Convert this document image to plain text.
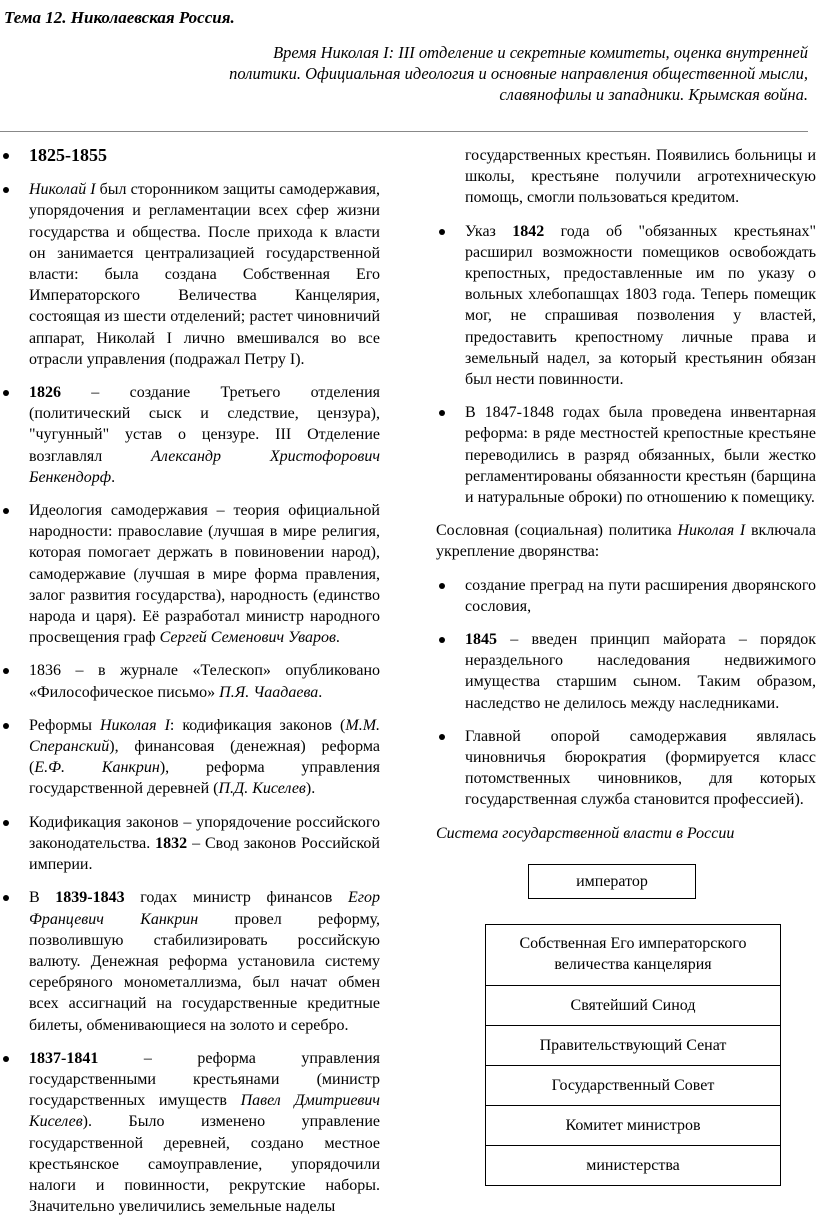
Тема 12. Николаевская Россия.
Время Николая I: III отделение и секретные комитеты, оценка внутренней политики. Официальная идеология и основные направления общественной мысли, славянофилы и западники. Крымская война.
1825-1855
Николай I был сторонником защиты самодержавия, упорядочения и регламентации всех сфер жизни государства и общества. После прихода к власти он занимается централизацией государственной власти: была создана Собственная Его Императорского Величества Канцелярия, состоящая из шести отделений; растет чиновничий аппарат, Николай I лично вмешивался во все отрасли управления (подражал Петру I).
1826 – создание Третьего отделения (политический сыск и следствие, цензура), "чугунный" устав о цензуре. III Отделение возглавлял Александр Христофорович Бенкендорф.
Идеология самодержавия – теория официальной народности: православие (лучшая в мире религия, которая помогает держать в повиновении народ), самодержавие (лучшая в мире форма правления, залог развития государства), народность (единство народа и царя). Её разработал министр народного просвещения граф Сергей Семенович Уваров.
1836 – в журнале «Телескоп» опубликовано «Философическое письмо» П.Я. Чаадаева.
Реформы Николая I: кодификация законов (М.М. Сперанский), финансовая (денежная) реформа (Е.Ф. Канкрин), реформа управления государственной деревней (П.Д. Киселев).
Кодификация законов – упорядочение российского законодательства. 1832 – Свод законов Российской империи.
В 1839-1843 годах министр финансов Егор Францевич Канкрин провел реформу, позволившую стабилизировать российскую валюту. Денежная реформа установила систему серебряного монометаллизма, был начат обмен всех ассигнаций на государственные кредитные билеты, обменивающиеся на золото и серебро.
1837-1841 – реформа управления государственными крестьянами (министр государственных имуществ Павел Дмитриевич Киселев). Было изменено управление государственной деревней, создано местное крестьянское самоуправление, упорядочили налоги и повинности, рекрутские наборы. Значительно увеличились земельные наделы
государственных крестьян. Появились больницы и школы, крестьяне получили агротехническую помощь, смогли пользоваться кредитом.
Указ 1842 года об "обязанных крестьянах" расширил возможности помещиков освобождать крепостных, предоставленные им по указу о вольных хлебопашцах 1803 года. Теперь помещик мог, не спрашивая позволения у властей, предоставить крепостному личные права и земельный надел, за который крестьянин обязан был нести повинности.
В 1847-1848 годах была проведена инвентарная реформа: в ряде местностей крепостные крестьяне переводились в разряд обязанных, были жестко регламентированы обязанности крестьян (барщина и натуральные оброки) по отношению к помещику.

Сословная (социальная) политика Николая I включала укрепление дворянства:

создание преград на пути расширения дворянского сословия,
1845 – введен принцип майората – порядок нераздельного наследования недвижимого имущества старшим сыном. Таким образом, наследство не делилось между наследниками.
Главной опорой самодержавия являлась чиновничья бюрократия (формируется класс потомственных чиновников, для которых государственная служба становится профессией).
Система государственной власти в России
император
Собственная Его императорского величества канцелярия
Святейший Синод
Правительствующий Сенат
Государственный Совет
Комитет министров
министерства
